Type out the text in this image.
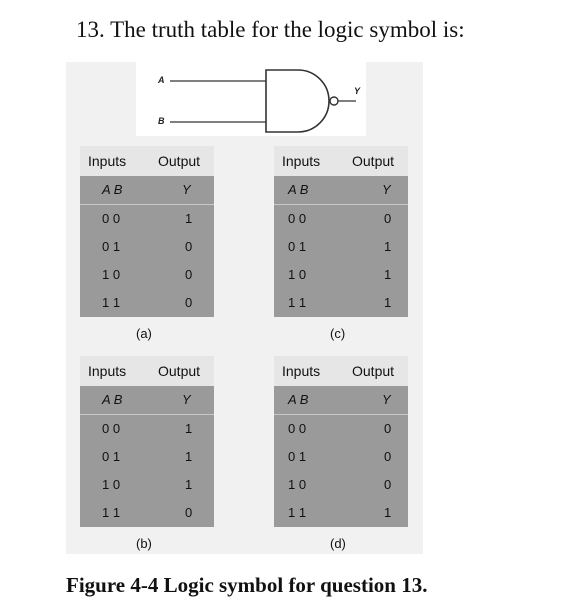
13. The truth table for the logic symbol is:
A
B
Y
Inputs Output
A B	Y
0 0	1
0 1	0
1 0	0
1 1	0
(a)
Inputs Output
A B	Y
0 0	0
0 1	1
1 0	1
1 1	1
(c)
Inputs Output
A B	Y
0 0	1
0 1	1
1 0	1
1 1	0
(b)
Inputs Output
A B	Y
0 0	0
0 1	0
1 0	0
1 1	1
(d)
Figure 4-4 Logic symbol for question 13.
